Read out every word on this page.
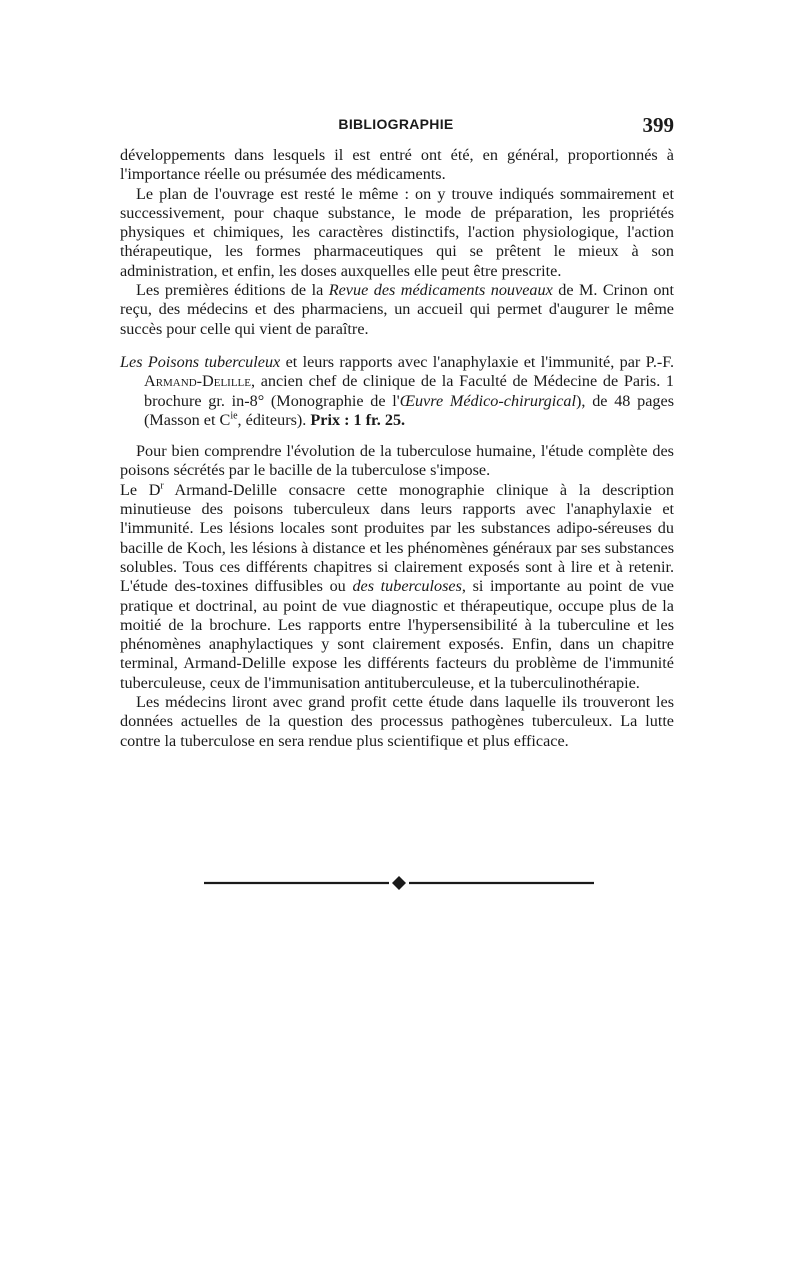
BIBLIOGRAPHIE	399

développements dans lesquels il est entré ont été, en général, proportionnés à l'importance réelle ou présumée des médicaments.

Le plan de l'ouvrage est resté le même : on y trouve indiqués sommairement et successivement, pour chaque substance, le mode de préparation, les propriétés physiques et chimiques, les caractères distinctifs, l'action physiologique, l'action thérapeutique, les formes pharmaceutiques qui se prêtent le mieux à son administration, et enfin, les doses auxquelles elle peut être prescrite.

Les premières éditions de la Revue des médicaments nouveaux de M. Crinon ont reçu, des médecins et des pharmaciens, un accueil qui permet d'augurer le même succès pour celle qui vient de paraître.

Les Poisons tuberculeux et leurs rapports avec l'anaphylaxie et l'immunité, par P.-F. Armand-Delille, ancien chef de clinique de la Faculté de Médecine de Paris. 1 brochure gr. in-8° (Monographie de l'Œuvre Médico-chirurgical), de 48 pages (Masson et $C^{ie}$, éditeurs). Prix : 1 fr. 25.

Pour bien comprendre l'évolution de la tuberculose humaine, l'étude complète des poisons sécrétés par le bacille de la tuberculose s'impose.

Le $D^r$ Armand-Delille consacre cette monographie clinique à la description minutieuse des poisons tuberculeux dans leurs rapports avec l'anaphylaxie et l'immunité. Les lésions locales sont produites par les substances adipo-séreuses du bacille de Koch, les lésions à distance et les phénomènes généraux par ses substances solubles. Tous ces différents chapitres si clairement exposés sont à lire et à retenir. L'étude des-toxines diffusibles ou des tuberculoses, si importante au point de vue pratique et doctrinal, au point de vue diagnostic et thérapeutique, occupe plus de la moitié de la brochure. Les rapports entre l'hypersensibilité à la tuberculine et les phénomènes anaphylactiques y sont clairement exposés. Enfin, dans un chapitre terminal, Armand-Delille expose les différents facteurs du problème de l'immunité tuberculeuse, ceux de l'immunisation antituberculeuse, et la tuberculinothérapie.

Les médecins liront avec grand profit cette étude dans laquelle ils trouveront les données actuelles de la question des processus pathogènes tuberculeux. La lutte contre la tuberculose en sera rendue plus scientifique et plus efficace.
